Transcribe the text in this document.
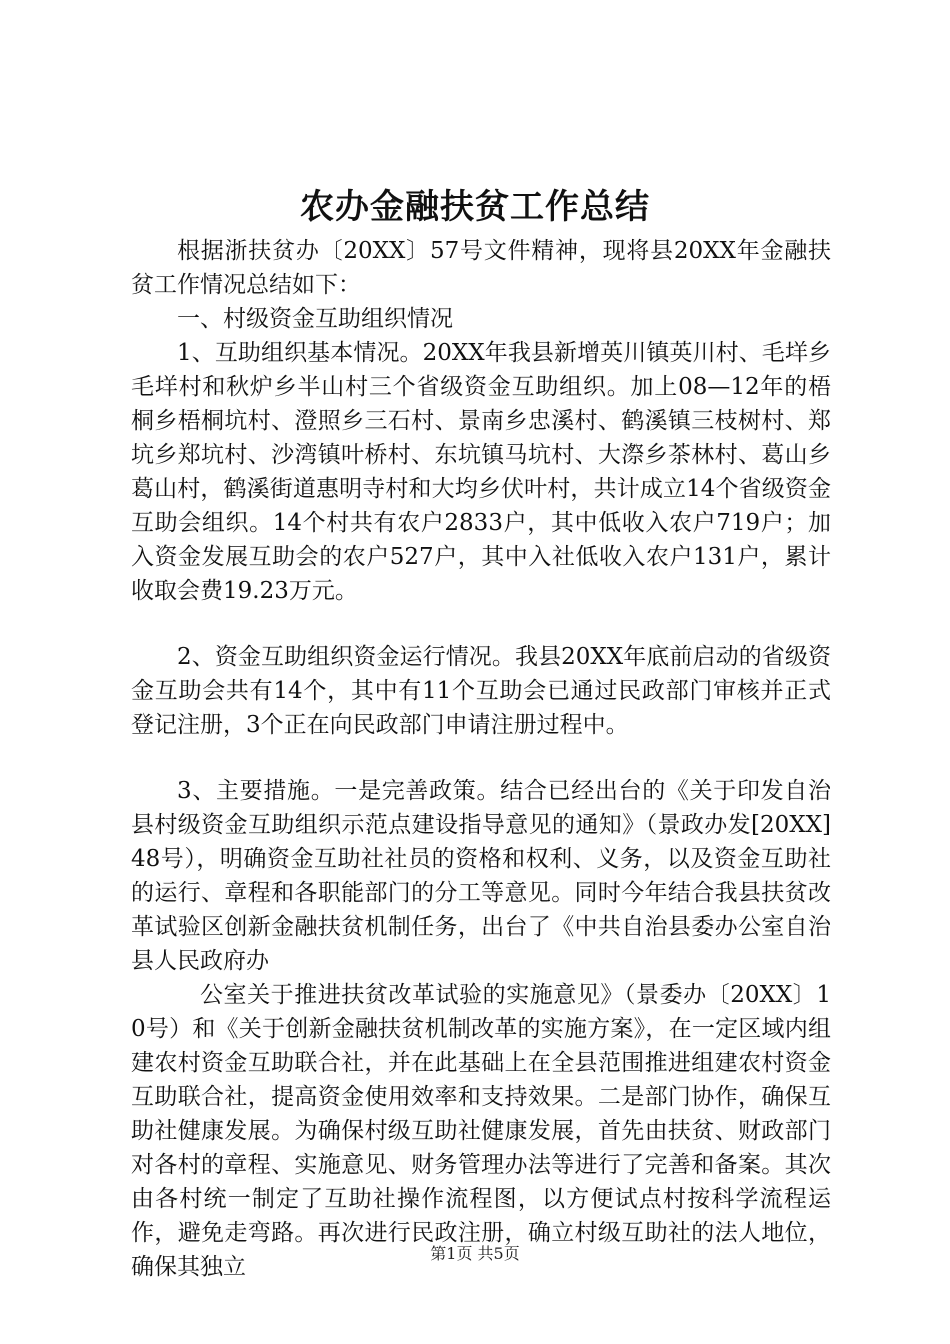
农办金融扶贫工作总结

根据浙扶贫办〔20XX〕57号文件精神，现将县20XX年金融扶贫工作情况总结如下：

一、村级资金互助组织情况

1、互助组织基本情况。20XX年我县新增英川镇英川村、毛垟乡毛垟村和秋炉乡半山村三个省级资金互助组织。加上08—12年的梧桐乡梧桐坑村、澄照乡三石村、景南乡忠溪村、鹤溪镇三枝树村、郑坑乡郑坑村、沙湾镇叶桥村、东坑镇马坑村、大漈乡茶林村、葛山乡葛山村，鹤溪街道惠明寺村和大均乡伏叶村，共计成立14个省级资金互助会组织。14个村共有农户2833户，其中低收入农户719户；加入资金发展互助会的农户527户，其中入社低收入农户131户，累计收取会费19.23万元。

2、资金互助组织资金运行情况。我县20XX年底前启动的省级资金互助会共有14个，其中有11个互助会已通过民政部门审核并正式登记注册，3个正在向民政部门申请注册过程中。

3、主要措施。一是完善政策。结合已经出台的《关于印发自治县村级资金互助组织示范点建设指导意见的通知》（景政办发[20XX]48号），明确资金互助社社员的资格和权利、义务，以及资金互助社的运行、章程和各职能部门的分工等意见。同时今年结合我县扶贫改革试验区创新金融扶贫机制任务，出台了《中共自治县委办公室自治县人民政府办

公室关于推进扶贫改革试验的实施意见》（景委办〔20XX〕10号）和《关于创新金融扶贫机制改革的实施方案》，在一定区域内组建农村资金互助联合社，并在此基础上在全县范围推进组建农村资金互助联合社，提高资金使用效率和支持效果。二是部门协作，确保互助社健康发展。为确保村级互助社健康发展，首先由扶贫、财政部门对各村的章程、实施意见、财务管理办法等进行了完善和备案。其次由各村统一制定了互助社操作流程图，以方便试点村按科学流程运作，避免走弯路。再次进行民政注册，确立村级互助社的法人地位，确保其独立

第1页 共5页
